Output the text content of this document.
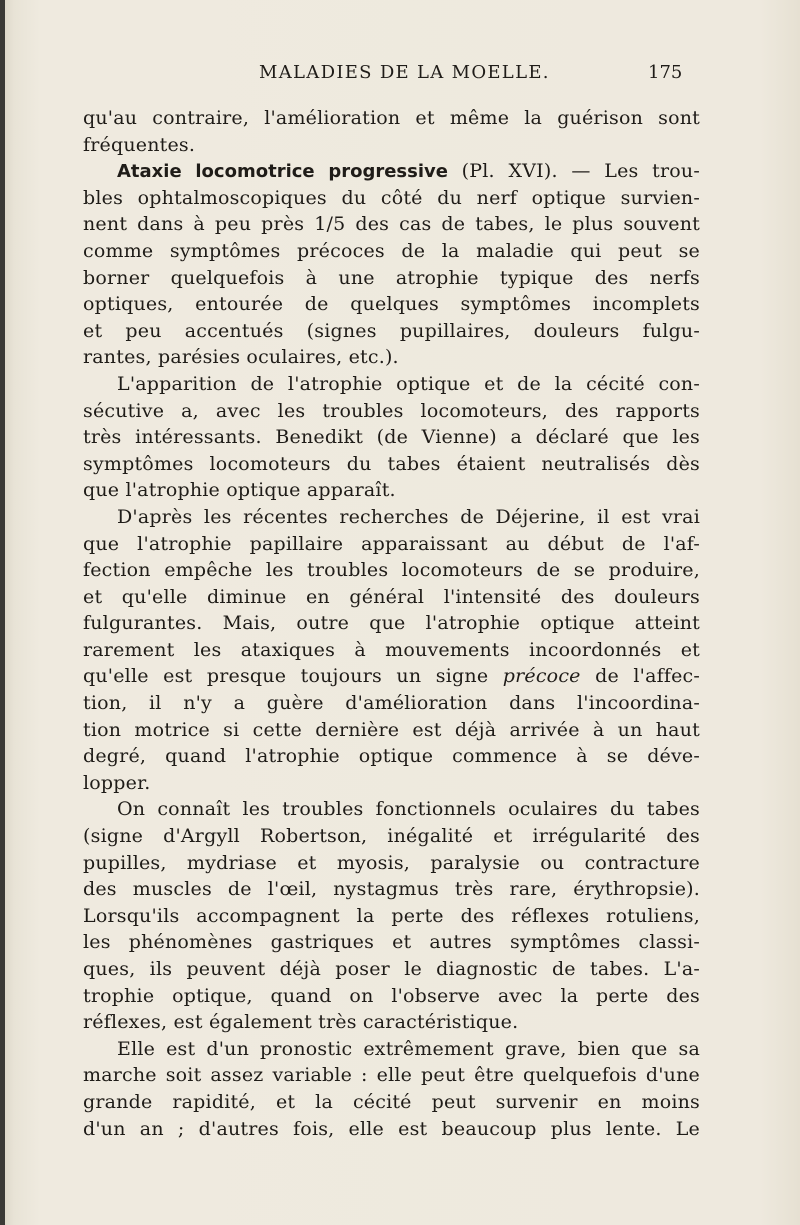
MALADIES DE LA MOELLE.	175
qu'au contraire, l'amélioration et même la guérison sont
fréquentes.
Ataxie locomotrice progressive (Pl. XVI). — Les trou-
bles ophtalmoscopiques du côté du nerf optique survien-
nent dans à peu près 1/5 des cas de tabes, le plus souvent
comme symptômes précoces de la maladie qui peut se
borner quelquefois à une atrophie typique des nerfs
optiques, entourée de quelques symptômes incomplets
et peu accentués (signes pupillaires, douleurs fulgu-
rantes, parésies oculaires, etc.).
L'apparition de l'atrophie optique et de la cécité con-
sécutive a, avec les troubles locomoteurs, des rapports
très intéressants. Benedikt (de Vienne) a déclaré que les
symptômes locomoteurs du tabes étaient neutralisés dès
que l'atrophie optique apparaît.
D'après les récentes recherches de Déjerine, il est vrai
que l'atrophie papillaire apparaissant au début de l'af-
fection empêche les troubles locomoteurs de se produire,
et qu'elle diminue en général l'intensité des douleurs
fulgurantes. Mais, outre que l'atrophie optique atteint
rarement les ataxiques à mouvements incoordonnés et
qu'elle est presque toujours un signe précoce de l'affec-
tion, il n'y a guère d'amélioration dans l'incoordina-
tion motrice si cette dernière est déjà arrivée à un haut
degré, quand l'atrophie optique commence à se déve-
lopper.
On connaît les troubles fonctionnels oculaires du tabes
(signe d'Argyll Robertson, inégalité et irrégularité des
pupilles, mydriase et myosis, paralysie ou contracture
des muscles de l'œil, nystagmus très rare, érythropsie).
Lorsqu'ils accompagnent la perte des réflexes rotuliens,
les phénomènes gastriques et autres symptômes classi-
ques, ils peuvent déjà poser le diagnostic de tabes. L'a-
trophie optique, quand on l'observe avec la perte des
réflexes, est également très caractéristique.
Elle est d'un pronostic extrêmement grave, bien que sa
marche soit assez variable : elle peut être quelquefois d'une
grande rapidité, et la cécité peut survenir en moins
d'un an ; d'autres fois, elle est beaucoup plus lente. Le
